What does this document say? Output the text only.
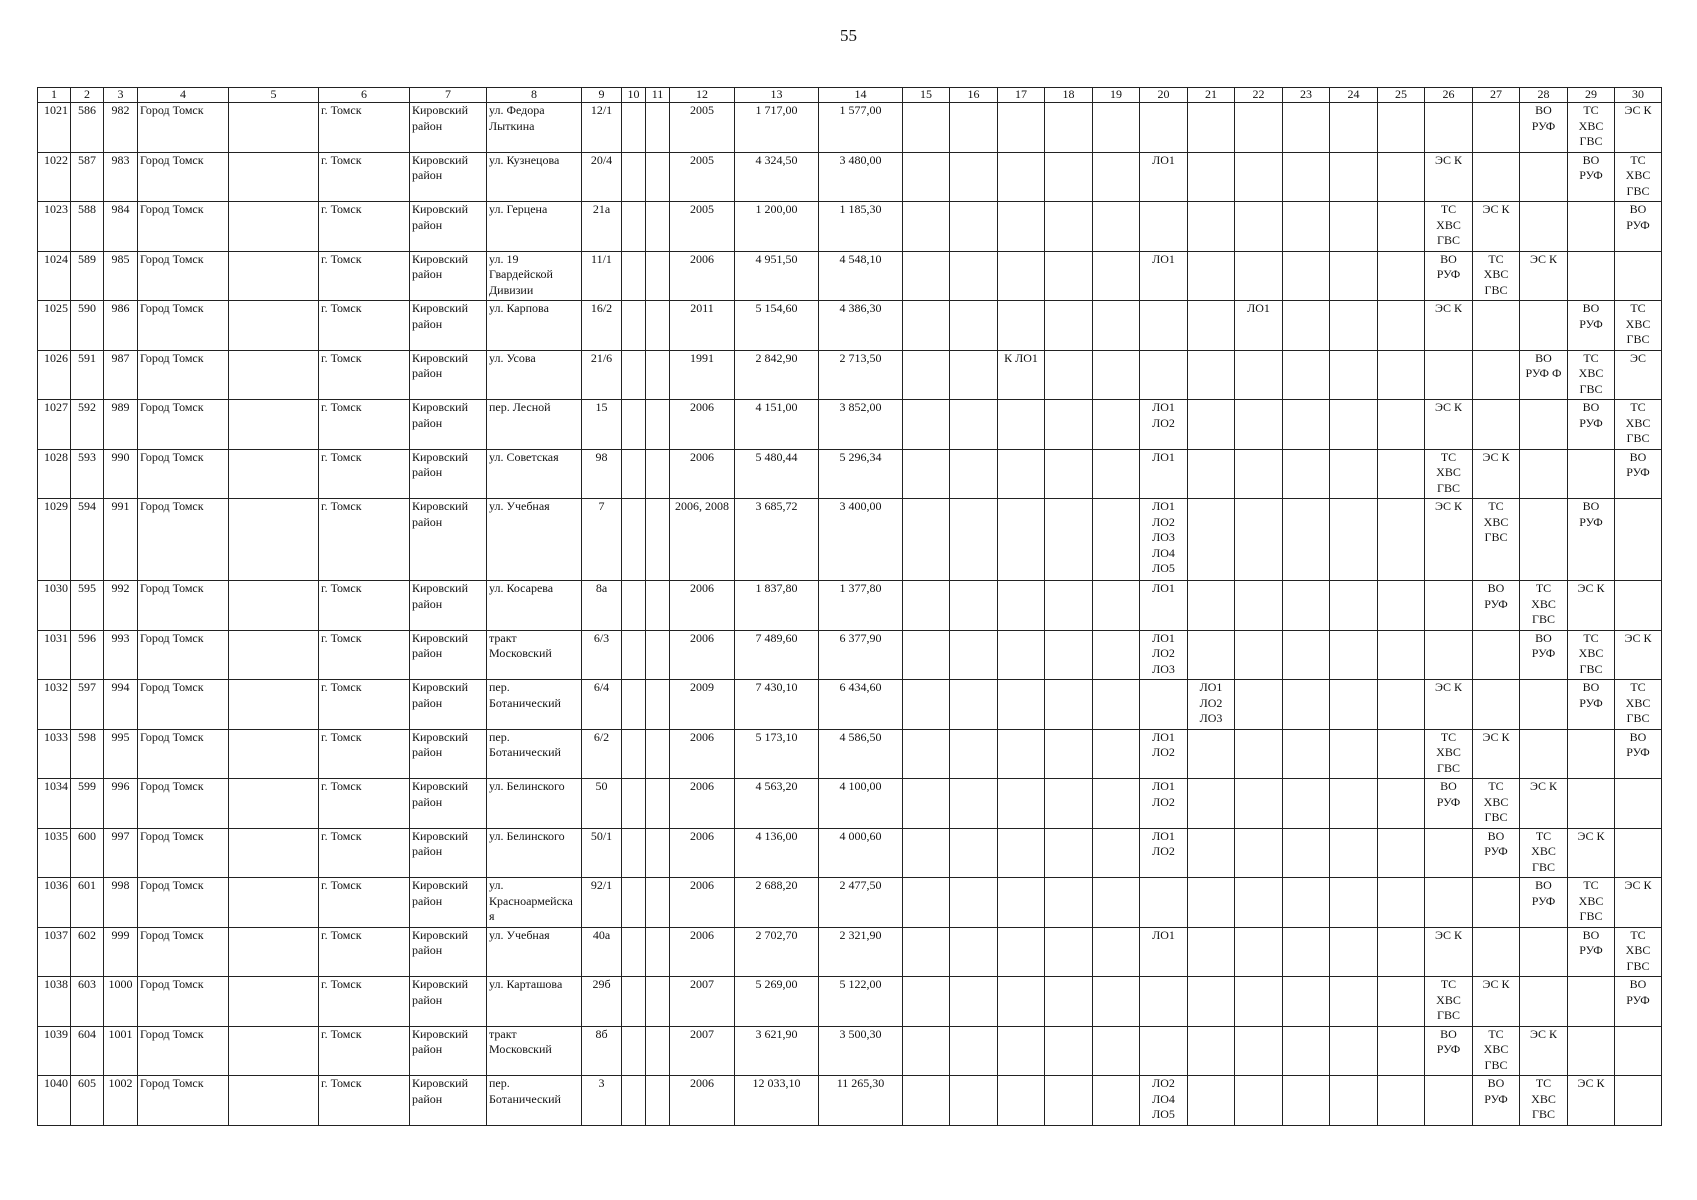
55
1	2	3	4	5	6	7	8	9	10	11	12	13	14	15	16	17	18	19	20	21	22	23	24	25	26	27	28	29	30
1021	586	982	Город Томск		г. Томск	Кировский
район	ул. Федора
Лыткина	12/1			2005	1 717,00	1 577,00														ВО
РУФ	ТС
ХВС
ГВС	ЭС К
1022	587	983	Город Томск		г. Томск	Кировский
район	ул. Кузнецова	20/4			2005	4 324,50	3 480,00						ЛО1						ЭС К			ВО
РУФ	ТС
ХВС
ГВС
1023	588	984	Город Томск		г. Томск	Кировский
район	ул. Герцена	21а			2005	1 200,00	1 185,30												ТС
ХВС
ГВС	ЭС К			ВО
РУФ
1024	589	985	Город Томск		г. Томск	Кировский
район	ул. 19
Гвардейской
Дивизии	11/1			2006	4 951,50	4 548,10						ЛО1						ВО
РУФ	ТС
ХВС
ГВС	ЭС К		
1025	590	986	Город Томск		г. Томск	Кировский
район	ул. Карпова	16/2			2011	5 154,60	4 386,30								ЛО1				ЭС К			ВО
РУФ	ТС
ХВС
ГВС
1026	591	987	Город Томск		г. Томск	Кировский
район	ул. Усова	21/6			1991	2 842,90	2 713,50			К ЛО1											ВО
РУФ Ф	ТС
ХВС
ГВС	ЭС
1027	592	989	Город Томск		г. Томск	Кировский
район	пер. Лесной	15			2006	4 151,00	3 852,00						ЛО1
ЛО2						ЭС К			ВО
РУФ	ТС
ХВС
ГВС
1028	593	990	Город Томск		г. Томск	Кировский
район	ул. Советская	98			2006	5 480,44	5 296,34						ЛО1						ТС
ХВС
ГВС	ЭС К			ВО
РУФ
1029	594	991	Город Томск		г. Томск	Кировский
район	ул. Учебная	7			2006, 2008	3 685,72	3 400,00						ЛО1
ЛО2
ЛО3
ЛО4
ЛО5						ЭС К	ТС
ХВС
ГВС		ВО
РУФ	
1030	595	992	Город Томск		г. Томск	Кировский
район	ул. Косарева	8а			2006	1 837,80	1 377,80						ЛО1							ВО
РУФ	ТС
ХВС
ГВС	ЭС К	
1031	596	993	Город Томск		г. Томск	Кировский
район	тракт
Московский	6/3			2006	7 489,60	6 377,90						ЛО1
ЛО2
ЛО3								ВО
РУФ	ТС
ХВС
ГВС	ЭС К
1032	597	994	Город Томск		г. Томск	Кировский
район	пер.
Ботанический	6/4			2009	7 430,10	6 434,60							ЛО1
ЛО2
ЛО3					ЭС К			ВО
РУФ	ТС
ХВС
ГВС
1033	598	995	Город Томск		г. Томск	Кировский
район	пер.
Ботанический	6/2			2006	5 173,10	4 586,50						ЛО1
ЛО2						ТС
ХВС
ГВС	ЭС К			ВО
РУФ
1034	599	996	Город Томск		г. Томск	Кировский
район	ул. Белинского	50			2006	4 563,20	4 100,00						ЛО1
ЛО2						ВО
РУФ	ТС
ХВС
ГВС	ЭС К		
1035	600	997	Город Томск		г. Томск	Кировский
район	ул. Белинского	50/1			2006	4 136,00	4 000,60						ЛО1
ЛО2							ВО
РУФ	ТС
ХВС
ГВС	ЭС К	
1036	601	998	Город Томск		г. Томск	Кировский
район	ул.
Красноармейска
я	92/1			2006	2 688,20	2 477,50														ВО
РУФ	ТС
ХВС
ГВС	ЭС К
1037	602	999	Город Томск		г. Томск	Кировский
район	ул. Учебная	40а			2006	2 702,70	2 321,90						ЛО1						ЭС К			ВО
РУФ	ТС
ХВС
ГВС
1038	603	1000	Город Томск		г. Томск	Кировский
район	ул. Карташова	29б			2007	5 269,00	5 122,00												ТС
ХВС
ГВС	ЭС К			ВО
РУФ
1039	604	1001	Город Томск		г. Томск	Кировский
район	тракт
Московский	8б			2007	3 621,90	3 500,30												ВО
РУФ	ТС
ХВС
ГВС	ЭС К		
1040	605	1002	Город Томск		г. Томск	Кировский
район	пер.
Ботанический	3			2006	12 033,10	11 265,30						ЛО2
ЛО4
ЛО5							ВО
РУФ	ТС
ХВС
ГВС	ЭС К	
